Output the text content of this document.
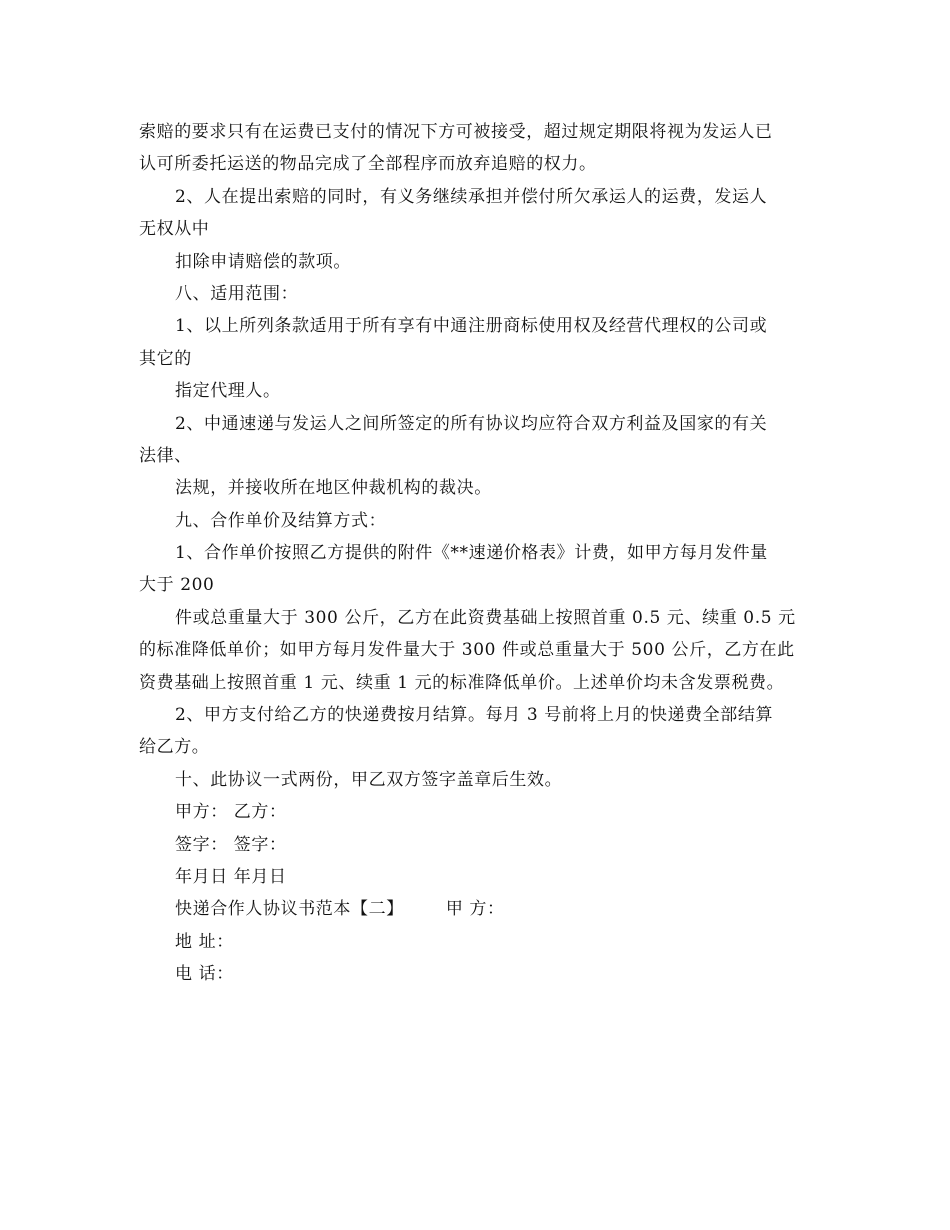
索赔的要求只有在运费已支付的情况下方可被接受，超过规定期限将视为发运人已
认可所委托运送的物品完成了全部程序而放弃追赔的权力。
2、人在提出索赔的同时，有义务继续承担并偿付所欠承运人的运费，发运人
无权从中
扣除申请赔偿的款项。
八、适用范围：
1、以上所列条款适用于所有享有中通注册商标使用权及经营代理权的公司或
其它的
指定代理人。
2、中通速递与发运人之间所签定的所有协议均应符合双方利益及国家的有关
法律、
法规，并接收所在地区仲裁机构的裁决。
九、合作单价及结算方式：
1、合作单价按照乙方提供的附件《**速递价格表》计费，如甲方每月发件量
大于 200
件或总重量大于 300 公斤，乙方在此资费基础上按照首重 0.5 元、续重 0.5 元
的标准降低单价；如甲方每月发件量大于 300 件或总重量大于 500 公斤，乙方在此
资费基础上按照首重 1 元、续重 1 元的标准降低单价。上述单价均未含发票税费。
2、甲方支付给乙方的快递费按月结算。每月 3 号前将上月的快递费全部结算
给乙方。
十、此协议一式两份，甲乙双方签字盖章后生效。
甲方： 乙方：
签字： 签字：
年月日 年月日
快递合作人协议书范本【二】 甲 方：
地 址：
电 话：
